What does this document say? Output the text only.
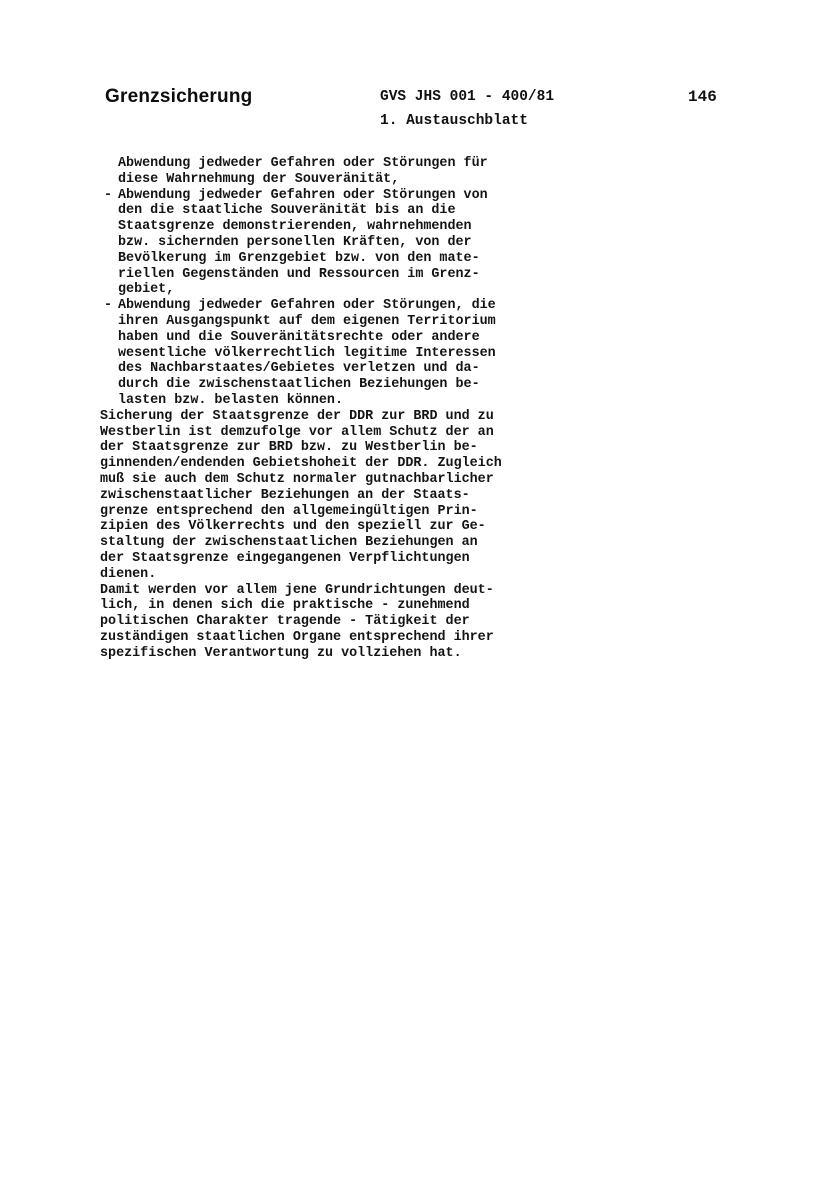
Grenzsicherung	GVS JHS 001 - 400/81
1. Austauschblatt
146
Abwendung jedweder Gefahren oder Störungen für
diese Wahrnehmung der Souveränität,
- Abwendung jedweder Gefahren oder Störungen von
den die staatliche Souveränität bis an die
Staatsgrenze demonstrierenden, wahrnehmenden
bzw. sichernden personellen Kräften, von der
Bevölkerung im Grenzgebiet bzw. von den mate-
riellen Gegenständen und Ressourcen im Grenz-
gebiet,
- Abwendung jedweder Gefahren oder Störungen, die
ihren Ausgangspunkt auf dem eigenen Territorium
haben und die Souveränitätsrechte oder andere
wesentliche völkerrechtlich legitime Interessen
des Nachbarstaates/Gebietes verletzen und da-
durch die zwischenstaatlichen Beziehungen be-
lasten bzw. belasten können.
Sicherung der Staatsgrenze der DDR zur BRD und zu
Westberlin ist demzufolge vor allem Schutz der an
der Staatsgrenze zur BRD bzw. zu Westberlin be-
ginnenden/endenden Gebietshoheit der DDR. Zugleich
muß sie auch dem Schutz normaler gutnachbarlicher
zwischenstaatlicher Beziehungen an der Staats-
grenze entsprechend den allgemeingültigen Prin-
zipien des Völkerrechts und den speziell zur Ge-
staltung der zwischenstaatlichen Beziehungen an
der Staatsgrenze eingegangenen Verpflichtungen
dienen.
Damit werden vor allem jene Grundrichtungen deut-
lich, in denen sich die praktische - zunehmend
politischen Charakter tragende - Tätigkeit der
zuständigen staatlichen Organe entsprechend ihrer
spezifischen Verantwortung zu vollziehen hat.
